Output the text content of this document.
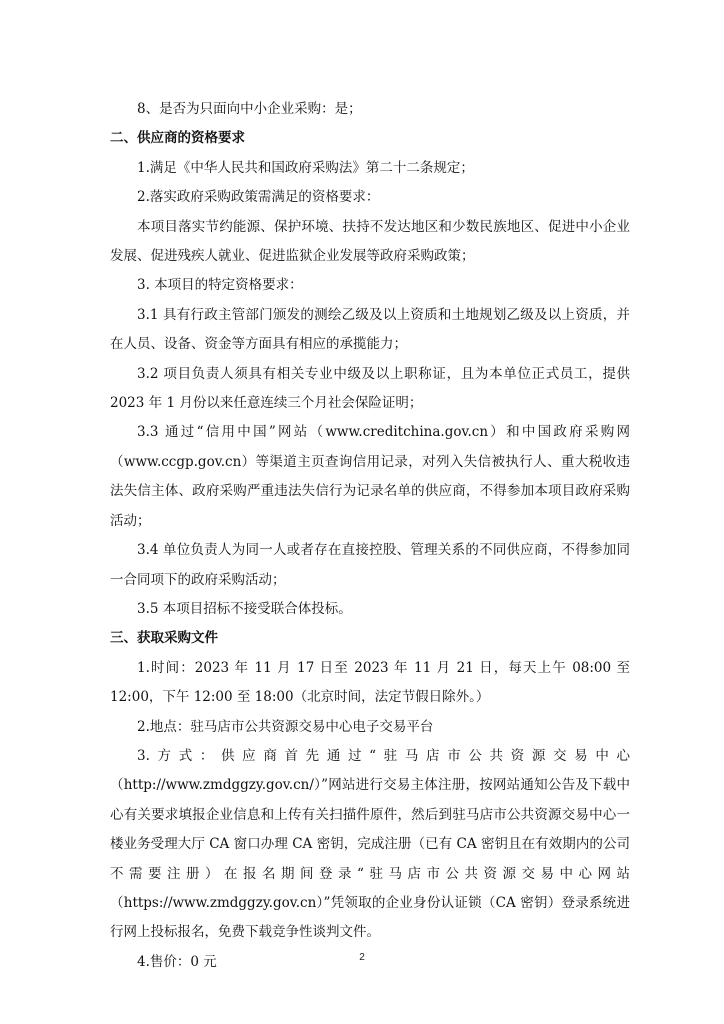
8、是否为只面向中小企业采购：是；

二、供应商的资格要求

1.满足《中华人民共和国政府采购法》第二十二条规定；

2.落实政府采购政策需满足的资格要求：

本项目落实节约能源、保护环境、扶持不发达地区和少数民族地区、促进中小企业发展、促进残疾人就业、促进监狱企业发展等政府采购政策；

3. 本项目的特定资格要求：

3.1 具有行政主管部门颁发的测绘乙级及以上资质和土地规划乙级及以上资质，并在人员、设备、资金等方面具有相应的承揽能力；

3.2 项目负责人须具有相关专业中级及以上职称证，且为本单位正式员工，提供 2023 年 1 月份以来任意连续三个月社会保险证明；

3.3 通过“信用中国”网站（www.creditchina.gov.cn）和中国政府采购网（www.ccgp.gov.cn）等渠道主页查询信用记录，对列入失信被执行人、重大税收违法失信主体、政府采购严重违法失信行为记录名单的供应商，不得参加本项目政府采购活动；

3.4 单位负责人为同一人或者存在直接控股、管理关系的不同供应商，不得参加同一合同项下的政府采购活动；

3.5 本项目招标不接受联合体投标。

三、获取采购文件

1.时间：2023 年 11 月 17 日至 2023 年 11 月 21 日，每天上午 08:00 至 12:00，下午 12:00 至 18:00（北京时间，法定节假日除外。）

2.地点：驻马店市公共资源交易中心电子交易平台

3.方式：供应商首先通过“驻马店市公共资源交易中心（http://www.zmdggzy.gov.cn/）”网站进行交易主体注册，按网站通知公告及下载中心有关要求填报企业信息和上传有关扫描件原件，然后到驻马店市公共资源交易中心一楼业务受理大厅 CA 窗口办理 CA 密钥，完成注册（已有 CA 密钥且在有效期内的公司不需要注册）在报名期间登录“驻马店市公共资源交易中心网站（https://www.zmdggzy.gov.cn）”凭领取的企业身份认证锁（CA 密钥）登录系统进行网上投标报名，免费下载竞争性谈判文件。

4.售价：0 元	2
